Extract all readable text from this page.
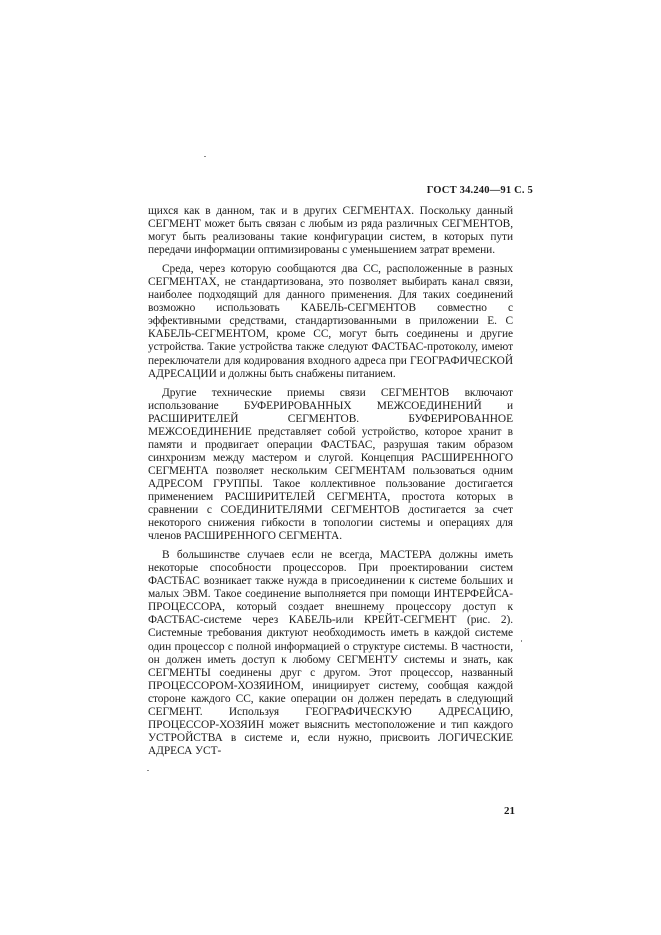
ГОСТ 34.240—91 С. 5

щихся как в данном, так и в других СЕГМЕНТАХ. Поскольку данный СЕГМЕНТ может быть связан с любым из ряда различных СЕГМЕНТОВ, могут быть реализованы такие конфигурации систем, в которых пути передачи информации оптимизированы с уменьшением затрат времени.

Среда, через которую сообщаются два СС, расположенные в разных СЕГМЕНТАХ, не стандартизована, это позволяет выбирать канал связи, наиболее подходящий для данного применения. Для таких соединений возможно использовать КАБЕЛЬ-СЕГМЕНТОВ совместно с эффективными средствами, стандартизованными в приложении Е. С КАБЕЛЬ-СЕГМЕНТОМ, кроме СС, могут быть соединены и другие устройства. Такие устройства также следуют ФАСТБАС-протоколу, имеют переключатели для кодирования входного адреса при ГЕОГРАФИЧЕСКОЙ АДРЕСАЦИИ и должны быть снабжены питанием.

Другие технические приемы связи СЕГМЕНТОВ включают использование БУФЕРИРОВАННЫХ МЕЖСОЕДИНЕНИЙ и РАСШИРИТЕЛЕЙ СЕГМЕНТОВ. БУФЕРИРОВАННОЕ МЕЖСОЕДИНЕНИЕ представляет собой устройство, которое хранит в памяти и продвигает операции ФАСТБАС, разрушая таким образом синхронизм между мастером и слугой. Концепция РАСШИРЕННОГО СЕГМЕНТА позволяет нескольким СЕГМЕНТАМ пользоваться одним АДРЕСОМ ГРУППЫ. Такое коллективное пользование достигается применением РАСШИРИТЕЛЕЙ СЕГМЕНТА, простота которых в сравнении с СОЕДИНИТЕЛЯМИ СЕГМЕНТОВ достигается за счет некоторого снижения гибкости в топологии системы и операциях для членов РАСШИРЕННОГО СЕГМЕНТА.

В большинстве случаев если не всегда, МАСТЕРА должны иметь некоторые способности процессоров. При проектировании систем ФАСТБАС возникает также нужда в присоединении к системе больших и малых ЭВМ. Такое соединение выполняется при помощи ИНТЕРФЕЙСА-ПРОЦЕССОРА, который создает внешнему процессору доступ к ФАСТБАС-системе через КАБЕЛЬ-или КРЕЙТ-СЕГМЕНТ (рис. 2). Системные требования диктуют необходимость иметь в каждой системе один процессор с полной информацией о структуре системы. В частности, он должен иметь доступ к любому СЕГМЕНТУ системы и знать, как СЕГМЕНТЫ соединены друг с другом. Этот процессор, названный ПРОЦЕССОРОМ-ХОЗЯИНОМ, инициирует систему, сообщая каждой стороне каждого СС, какие операции он должен передать в следующий СЕГМЕНТ. Используя ГЕОГРАФИЧЕСКУЮ АДРЕСАЦИЮ, ПРОЦЕССОР-ХОЗЯИН может выяснить местоположение и тип каждого УСТРОЙСТВА в системе и, если нужно, присвоить ЛОГИЧЕСКИЕ АДРЕСА УСТ-

21
